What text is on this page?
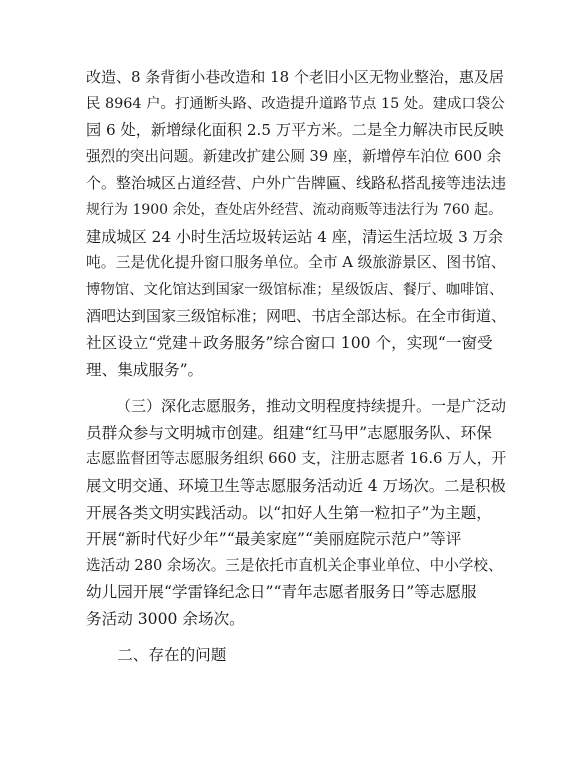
改造、8 条背街小巷改造和 18 个老旧小区无物业整治，惠及居
民 8964 户。打通断头路、改造提升道路节点 15 处。建成口袋公
园 6 处，新增绿化面积 2.5 万平方米。二是全力解决市民反映
强烈的突出问题。新建改扩建公厕 39 座，新增停车泊位 600 余
个。整治城区占道经营、户外广告牌匾、线路私搭乱接等违法违
规行为 1900 余处，查处店外经营、流动商贩等违法行为 760 起。
建成城区 24 小时生活垃圾转运站 4 座，清运生活垃圾 3 万余
吨。三是优化提升窗口服务单位。全市 A 级旅游景区、图书馆、
博物馆、文化馆达到国家一级馆标准；星级饭店、餐厅、咖啡馆、
酒吧达到国家三级馆标准；网吧、书店全部达标。在全市街道、
社区设立“党建＋政务服务”综合窗口 100 个，实现“一窗受
理、集成服务”。

（三）深化志愿服务，推动文明程度持续提升。一是广泛动
员群众参与文明城市创建。组建“红马甲”志愿服务队、环保
志愿监督团等志愿服务组织 660 支，注册志愿者 16.6 万人，开
展文明交通、环境卫生等志愿服务活动近 4 万场次。二是积极
开展各类文明实践活动。以“扣好人生第一粒扣子”为主题，
开展“新时代好少年”“最美家庭”“美丽庭院示范户”等评
选活动 280 余场次。三是依托市直机关企事业单位、中小学校、
幼儿园开展“学雷锋纪念日”“青年志愿者服务日”等志愿服
务活动 3000 余场次。

二、存在的问题
